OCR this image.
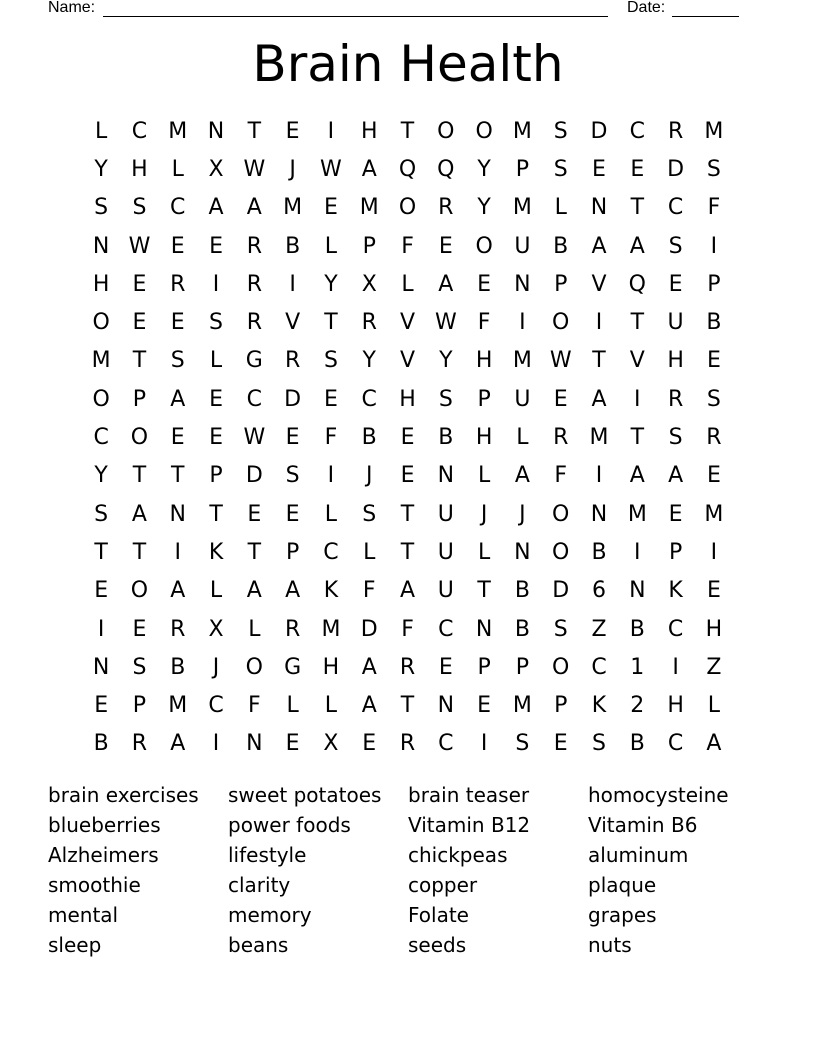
Name:	Date:
Brain Health
L	C M N	T	E	I	H	T	O O M S	D	C	R M
Y	H	L	X W	J	W A	Q Q	Y	P	S	E	E	D	S
S	S	C	A	A M E M O R	Y	M	L	N	T	C	F
N W E	E	R	B	L	P	F	E	O U	B	A	A	S	I
H	E	R	I	R	I	Y	X	L	A	E	N	P	V	Q	E	P
O	E	E	S	R	V	T	R	V W F	I	O	I	T	U	B
M	T	S	L	G	R	S	Y	V	Y	H M W T	V	H	E
O	P	A	E	C	D	E	C	H	S	P	U	E	A	I	R	S
C O	E	E W E	F	B	E	B	H	L	R M	T	S	R
Y	T	T	P	D	S	I	J	E	N	L	A	F	I	A	A	E
S	A	N	T	E	E	L	S	T	U	J	J	O N M E M
T	T	I	K	T	P	C	L	T	U	L	N O	B	I	P	I
E	O	A	L	A	A	K	F	A	U	T	B	D	6	N	K	E
I	E	R	X	L	R M D	F	C	N	B	S	Z	B	C	H
N	S	B	J	O G H	A	R	E	P	P	O C	1	I	Z
E	P	M C	F	L	L	A	T	N	E M	P	K	2	H	L
B	R	A	I	N	E	X	E	R	C	I	S	E	S	B	C	A
brain exercises
blueberries
Alzheimers
smoothie
mental
sleep
sweet potatoes
power foods
lifestyle
clarity
memory
beans
brain teaser
Vitamin B12
chickpeas
copper
Folate
seeds
homocysteine
Vitamin B6
aluminum
plaque
grapes
nuts
